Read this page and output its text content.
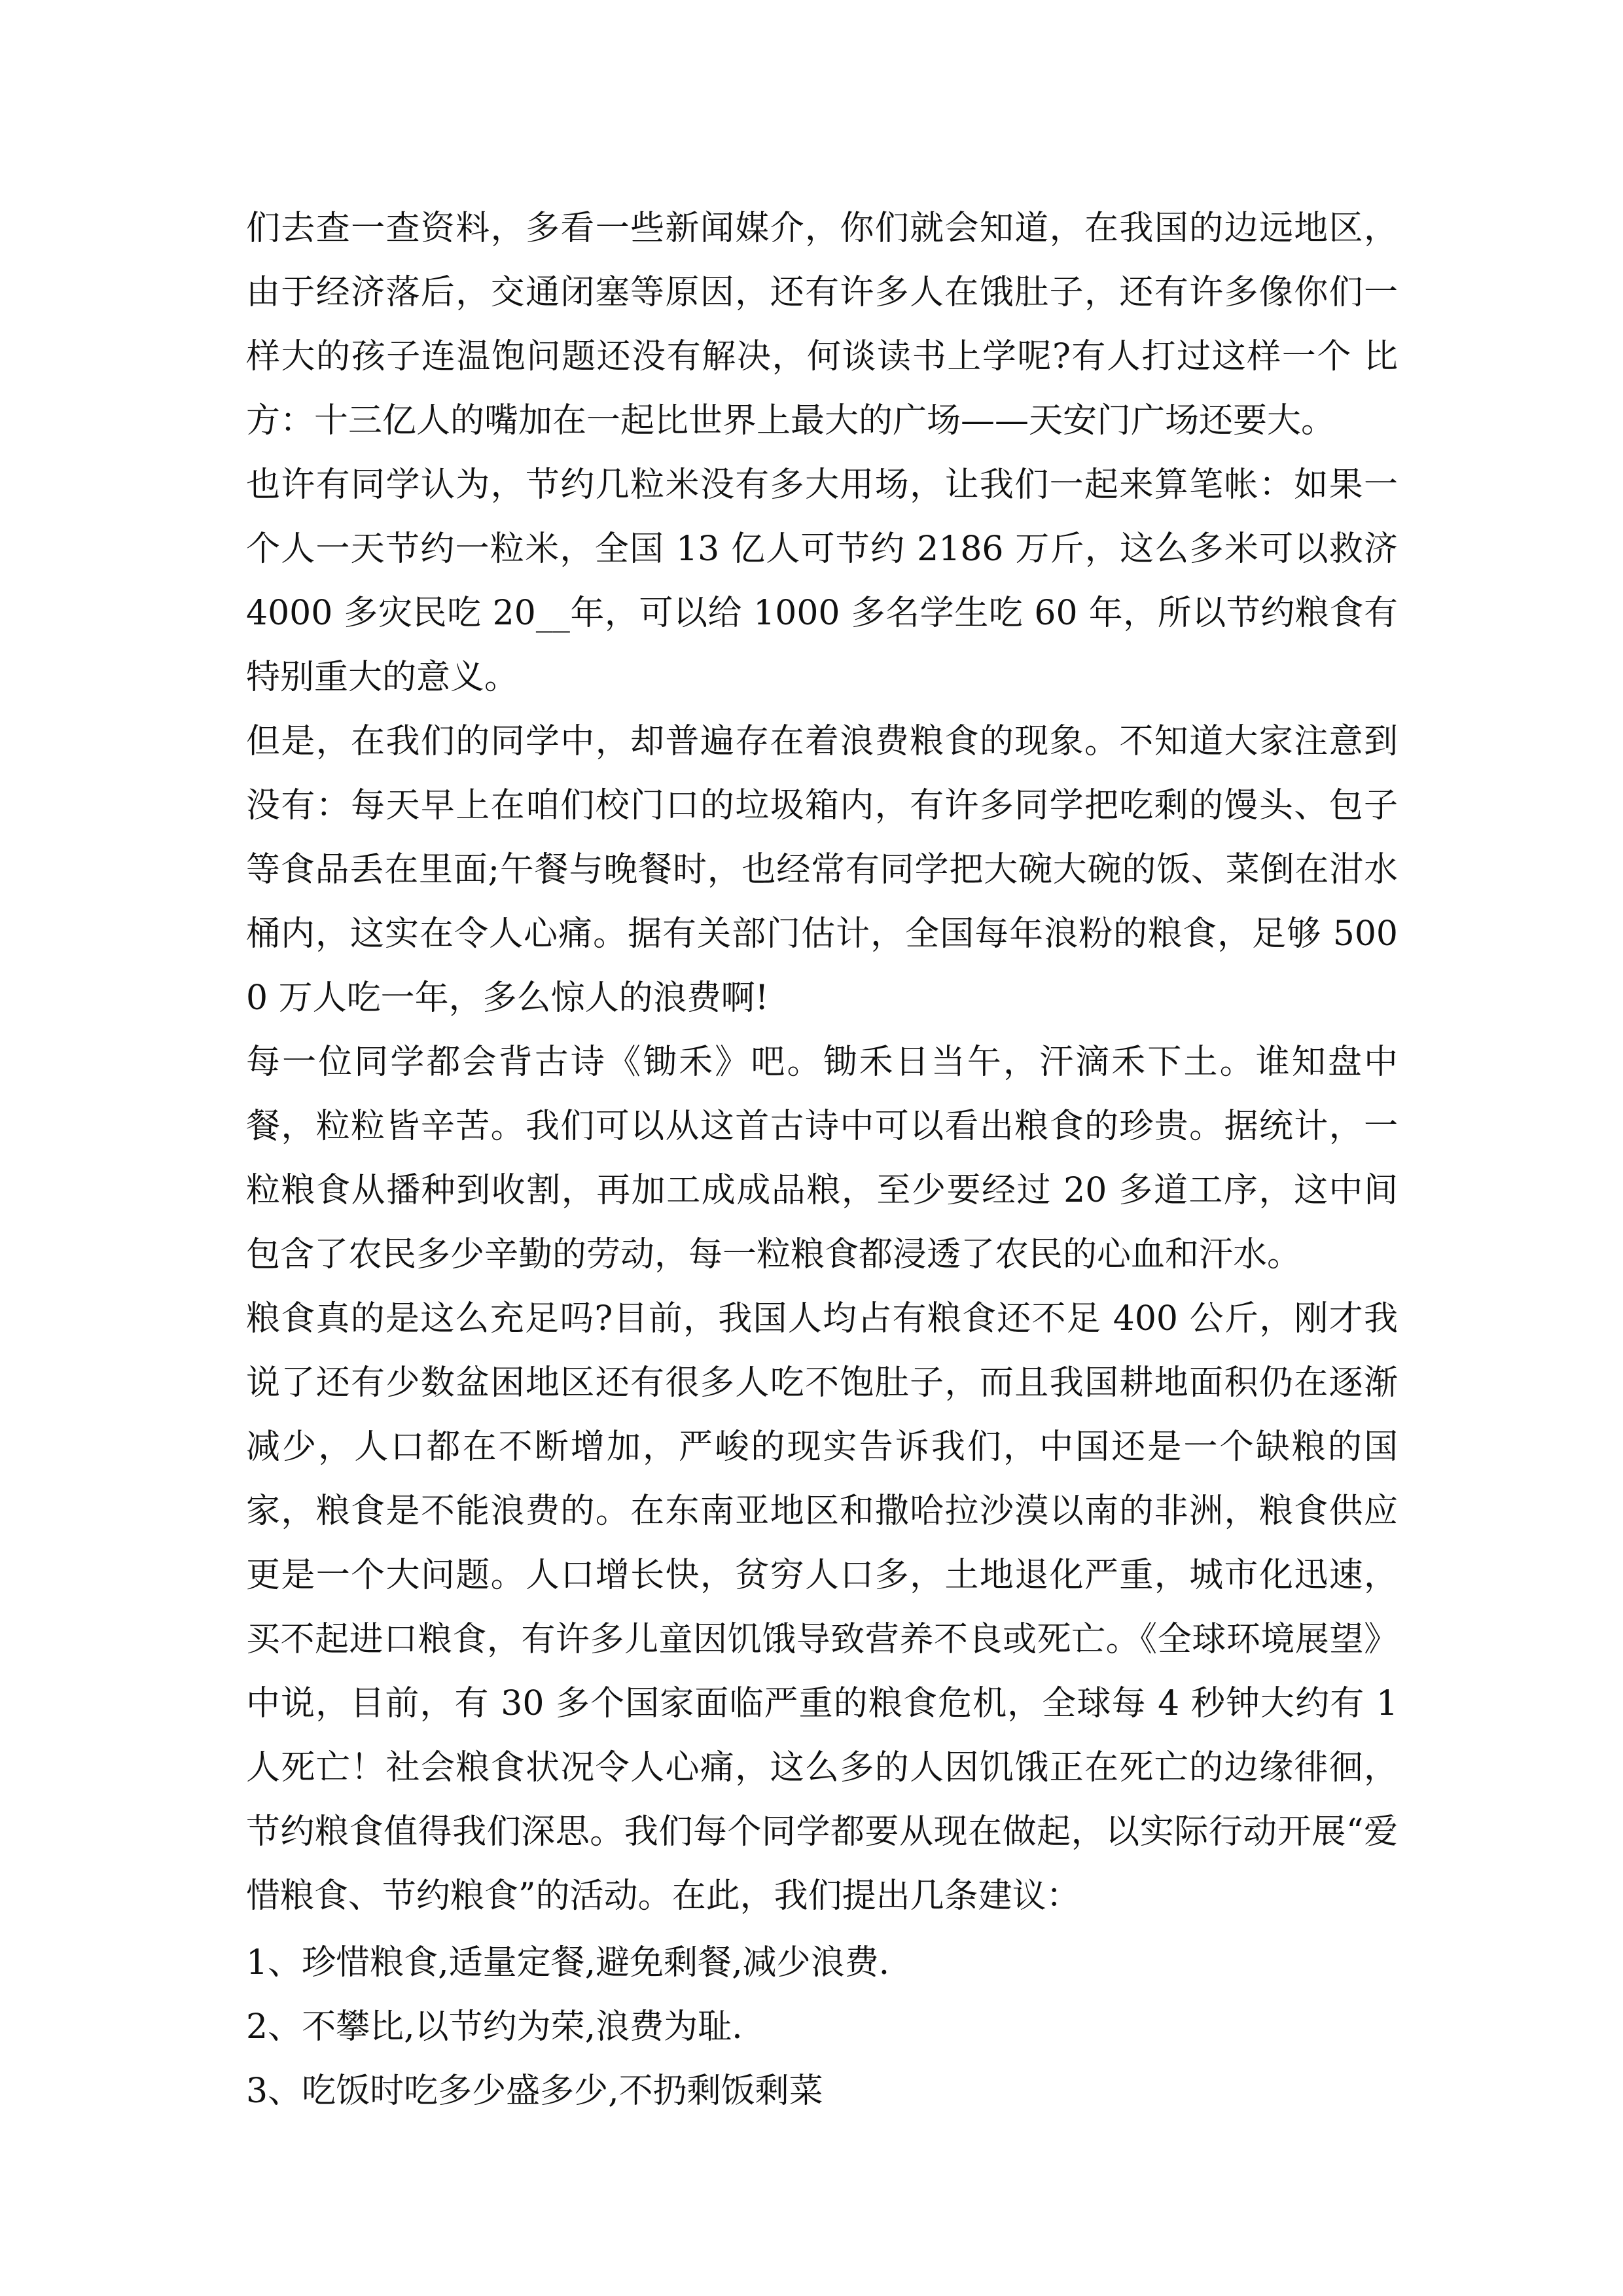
们去查一查资料，多看一些新闻媒介，你们就会知道，在我国的边远地区，由于经济落后，交通闭塞等原因，还有许多人在饿肚子，还有许多像你们一样大的孩子连温饱问题还没有解决，何谈读书上学呢?有人打过这样一个 比方：十三亿人的嘴加在一起比世界上最大的广场——天安门广场还要大。

也许有同学认为，节约几粒米没有多大用场，让我们一起来算笔帐：如果一个人一天节约一粒米，全国 13 亿人可节约 2186 万斤，这么多米可以救济 4000 多灾民吃 20__年，可以给 1000 多名学生吃 60 年，所以节约粮食有特别重大的意义。

但是，在我们的同学中，却普遍存在着浪费粮食的现象。不知道大家注意到没有：每天早上在咱们校门口的垃圾箱内，有许多同学把吃剩的馒头、包子等食品丢在里面;午餐与晚餐时，也经常有同学把大碗大碗的饭、菜倒在泔水桶内，这实在令人心痛。据有关部门估计，全国每年浪粉的粮食，足够 5000 万人吃一年，多么惊人的浪费啊!

每一位同学都会背古诗《锄禾》吧。锄禾日当午，汗滴禾下土。谁知盘中餐，粒粒皆辛苦。我们可以从这首古诗中可以看出粮食的珍贵。据统计，一粒粮食从播种到收割，再加工成成品粮，至少要经过 20 多道工序，这中间包含了农民多少辛勤的劳动，每一粒粮食都浸透了农民的心血和汗水。

粮食真的是这么充足吗?目前，我国人均占有粮食还不足 400 公斤，刚才我说了还有少数盆困地区还有很多人吃不饱肚子，而且我国耕地面积仍在逐渐减少，人口都在不断增加，严峻的现实告诉我们，中国还是一个缺粮的国家，粮食是不能浪费的。在东南亚地区和撒哈拉沙漠以南的非洲，粮食供应更是一个大问题。人口增长快，贫穷人口多，土地退化严重，城市化迅速，买不起进口粮食，有许多儿童因饥饿导致营养不良或死亡。《全球环境展望》中说，目前，有 30 多个国家面临严重的粮食危机，全球每 4 秒钟大约有 1 人死亡！社会粮食状况令人心痛，这么多的人因饥饿正在死亡的边缘徘徊，节约粮食值得我们深思。我们每个同学都要从现在做起，以实际行动开展“爱惜粮食、节约粮食”的活动。在此，我们提出几条建议：

1、珍惜粮食,适量定餐,避免剩餐,减少浪费.

2、不攀比,以节约为荣,浪费为耻.

3、吃饭时吃多少盛多少,不扔剩饭剩菜
